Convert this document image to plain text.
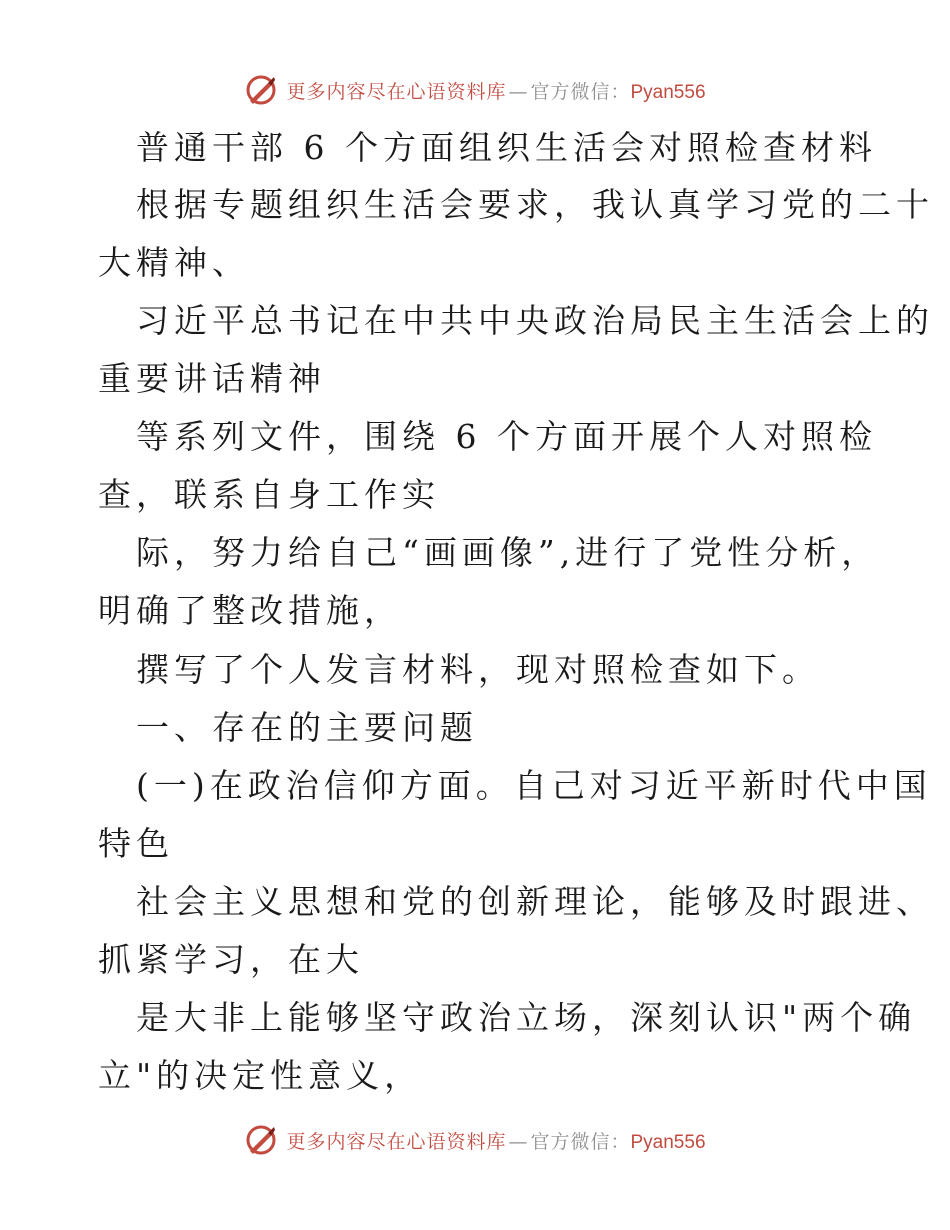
更多内容尽在心语资料库 — 官方微信： Pyan556
普通干部 6 个方面组织生活会对照检查材料
根据专题组织生活会要求，我认真学习党的二十
大精神、
习近平总书记在中共中央政治局民主生活会上的
重要讲话精神
等系列文件，围绕 6 个方面开展个人对照检
查，联系自身工作实
际，努力给自己“画画像”,进行了党性分析，
明确了整改措施，
撰写了个人发言材料，现对照检查如下。
一、存在的主要问题
(一)在政治信仰方面。自己对习近平新时代中国
特色
社会主义思想和党的创新理论，能够及时跟进、
抓紧学习，在大
是大非上能够坚守政治立场，深刻认识"两个确
立"的决定性意义，
更多内容尽在心语资料库 — 官方微信： Pyan556
